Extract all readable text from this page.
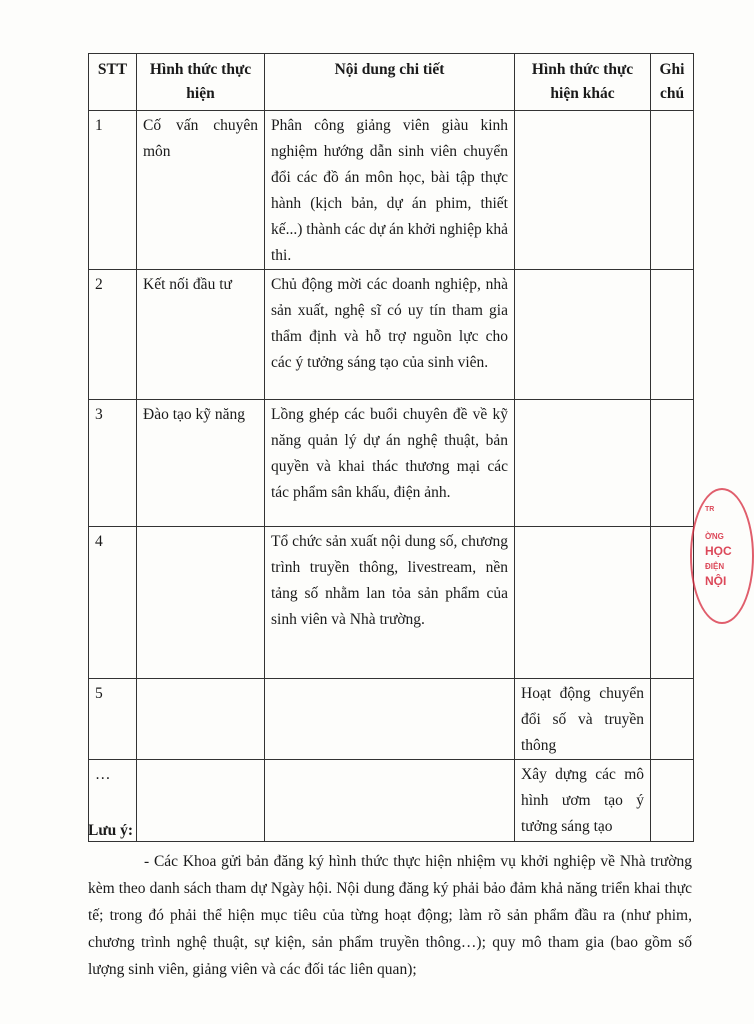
STT	Hình thức thực hiện	Nội dung chi tiết	Hình thức thực hiện khác	Ghi chú
1	Cố vấn chuyên môn	Phân công giảng viên giàu kinh nghiệm hướng dẫn sinh viên chuyển đổi các đồ án môn học, bài tập thực hành (kịch bản, dự án phim, thiết kế...) thành các dự án khởi nghiệp khả thi.		
2	Kết nối đầu tư	Chủ động mời các doanh nghiệp, nhà sản xuất, nghệ sĩ có uy tín tham gia thẩm định và hỗ trợ nguồn lực cho các ý tưởng sáng tạo của sinh viên.		
3	Đào tạo kỹ năng	Lồng ghép các buổi chuyên đề về kỹ năng quản lý dự án nghệ thuật, bản quyền và khai thác thương mại các tác phẩm sân khấu, điện ảnh.		
4		Tổ chức sản xuất nội dung số, chương trình truyền thông, livestream, nền tảng số nhằm lan tỏa sản phẩm của sinh viên và Nhà trường.		
5			Hoạt động chuyển đổi số và truyền thông	
…			Xây dựng các mô hình ươm tạo ý tưởng sáng tạo	
Lưu ý:
- Các Khoa gửi bản đăng ký hình thức thực hiện nhiệm vụ khởi nghiệp về Nhà trường kèm theo danh sách tham dự Ngày hội. Nội dung đăng ký phải bảo đảm khả năng triển khai thực tế; trong đó phải thể hiện mục tiêu của từng hoạt động; làm rõ sản phẩm đầu ra (như phim, chương trình nghệ thuật, sự kiện, sản phẩm truyền thông…); quy mô tham gia (bao gồm số lượng sinh viên, giảng viên và các đối tác liên quan);
TR
ỜNG
HỌC
ĐIỆN
NỘI
